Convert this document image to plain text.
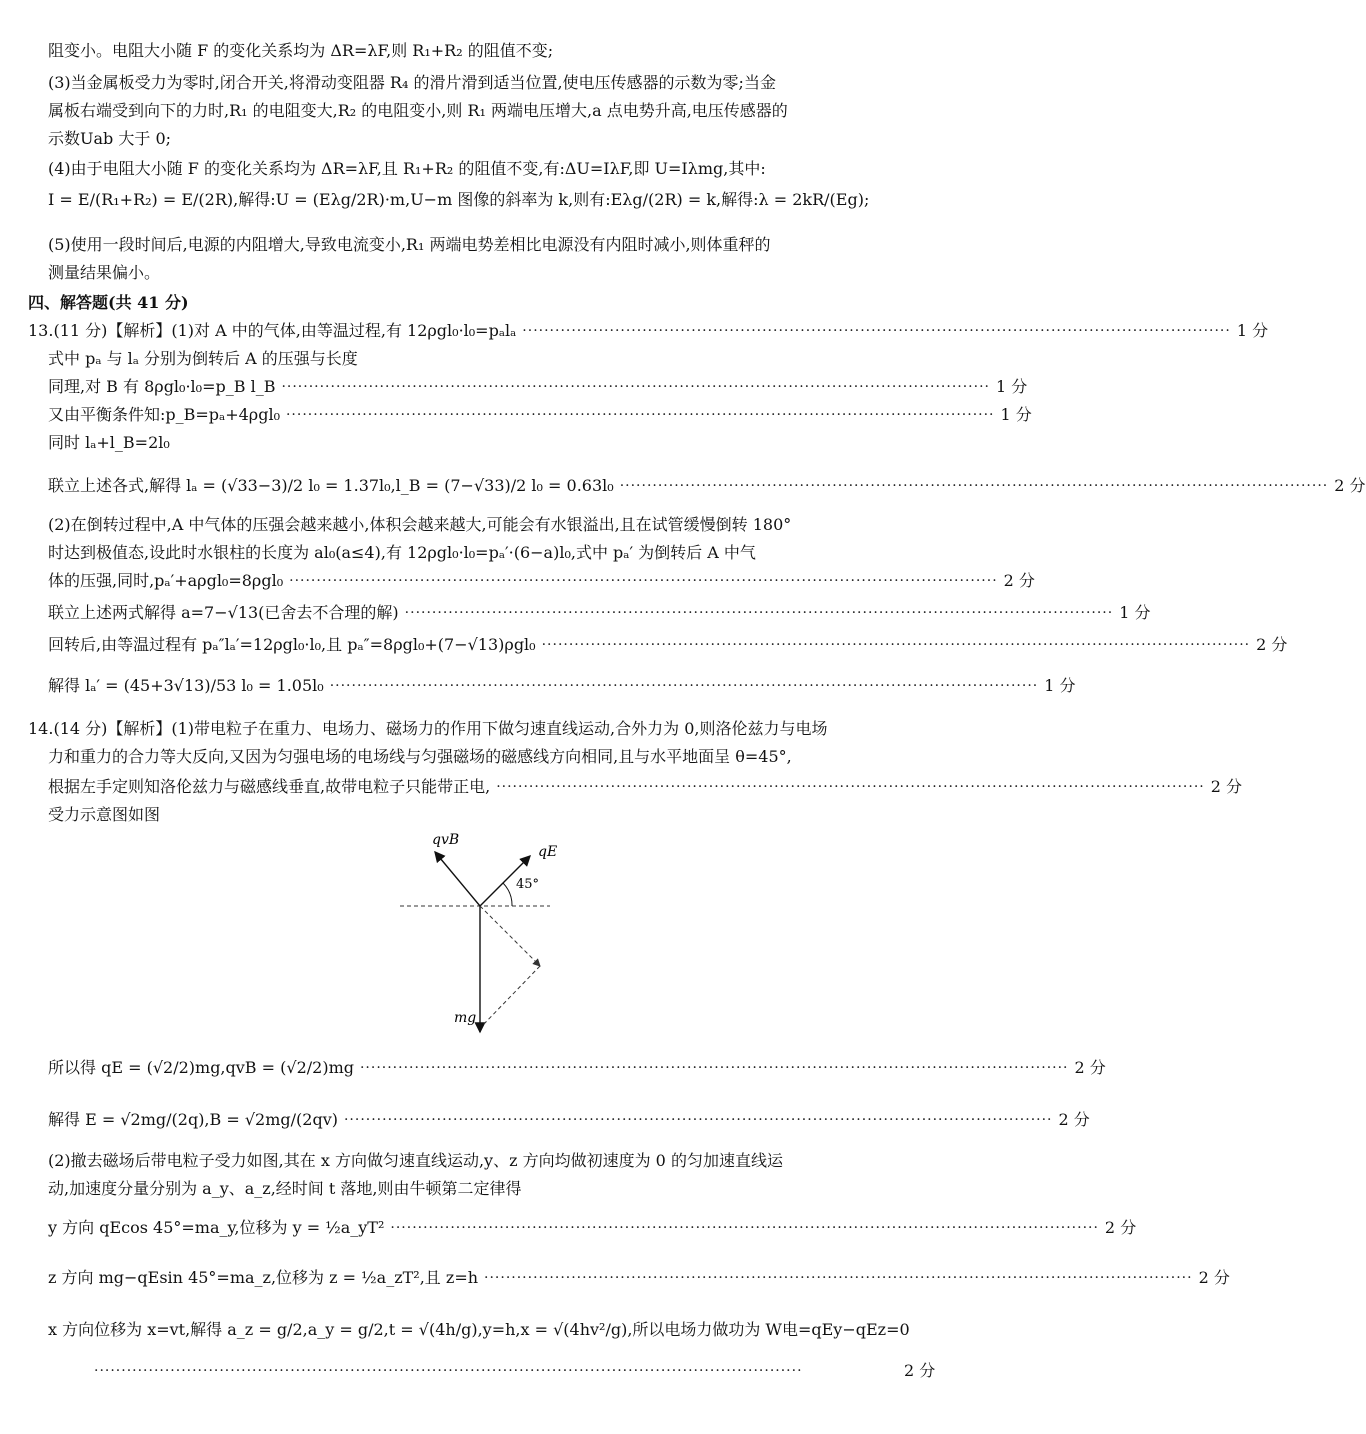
阻变小。电阻大小随 F 的变化关系均为 ΔR=λF,则 R₁+R₂ 的阻值不变;
(3)当金属板受力为零时,闭合开关,将滑动变阻器 R₄ 的滑片滑到适当位置,使电压传感器的示数为零;当金
属板右端受到向下的力时,R₁ 的电阻变大,R₂ 的电阻变小,则 R₁ 两端电压增大,a 点电势升高,电压传感器的
示数Uab 大于 0;
(4)由于电阻大小随 F 的变化关系均为 ΔR=λF,且 R₁+R₂ 的阻值不变,有:ΔU=IλF,即 U=Iλmg,其中:
I = E/(R₁+R₂) = E/(2R),解得:U = (Eλg/2R)·m,U−m 图像的斜率为 k,则有:Eλg/(2R) = k,解得:λ = 2kR/(Eg);
(5)使用一段时间后,电源的内阻增大,导致电流变小,R₁ 两端电势差相比电源没有内阻时减小,则体重秤的
测量结果偏小。
四、解答题(共 41 分)
13.(11 分)【解析】(1)对 A 中的气体,由等温过程,有 12ρgl₀·l₀=pₐlₐ ·····	1 分
式中 pₐ 与 lₐ 分别为倒转后 A 的压强与长度
同理,对 B 有 8ρgl₀·l₀=p_B l_B ·····	1 分
又由平衡条件知:p_B=pₐ+4ρgl₀ ·····	1 分
同时 lₐ+l_B=2l₀
联立上述各式,解得 lₐ = (√33−3)/2 l₀ = 1.37l₀,l_B = (7−√33)/2 l₀ = 0.63l₀ ·····	2 分
(2)在倒转过程中,A 中气体的压强会越来越小,体积会越来越大,可能会有水银溢出,且在试管缓慢倒转 180°
时达到极值态,设此时水银柱的长度为 al₀(a≤4),有 12ρgl₀·l₀=pₐ′·(6−a)l₀,式中 pₐ′ 为倒转后 A 中气
体的压强,同时,pₐ′+aρgl₀=8ρgl₀ ·····	2 分
联立上述两式解得 a=7−√13(已舍去不合理的解) ·····	1 分
回转后,由等温过程有 pₐ″lₐ′=12ρgl₀·l₀,且 pₐ″=8ρgl₀+(7−√13)ρgl₀ ·····	2 分
解得 lₐ′ = (45+3√13)/53 l₀ = 1.05l₀ ·····	1 分
14.(14 分)【解析】(1)带电粒子在重力、电场力、磁场力的作用下做匀速直线运动,合外力为 0,则洛伦兹力与电场
力和重力的合力等大反向,又因为匀强电场的电场线与匀强磁场的磁感线方向相同,且与水平地面呈 θ=45°,
根据左手定则知洛伦兹力与磁感线垂直,故带电粒子只能带正电, ·····	2 分
受力示意图如图
qvB
qE
45°
mg
所以得 qE = (√2/2)mg,qvB = (√2/2)mg ·····	2 分
解得 E = √2mg/(2q),B = √2mg/(2qv) ·····	2 分
(2)撤去磁场后带电粒子受力如图,其在 x 方向做匀速直线运动,y、z 方向均做初速度为 0 的匀加速直线运
动,加速度分量分别为 a_y、a_z,经时间 t 落地,则由牛顿第二定律得
y 方向 qEcos 45°=ma_y,位移为 y = ½a_yT² ·····	2 分
z 方向 mg−qEsin 45°=ma_z,位移为 z = ½a_zT²,且 z=h ·····	2 分
x 方向位移为 x=vt,解得 a_z = g/2,a_y = g/2,t = √(4h/g),y=h,x = √(4hv²/g),所以电场力做功为 W电=qEy−qEz=0
·····
2 分
